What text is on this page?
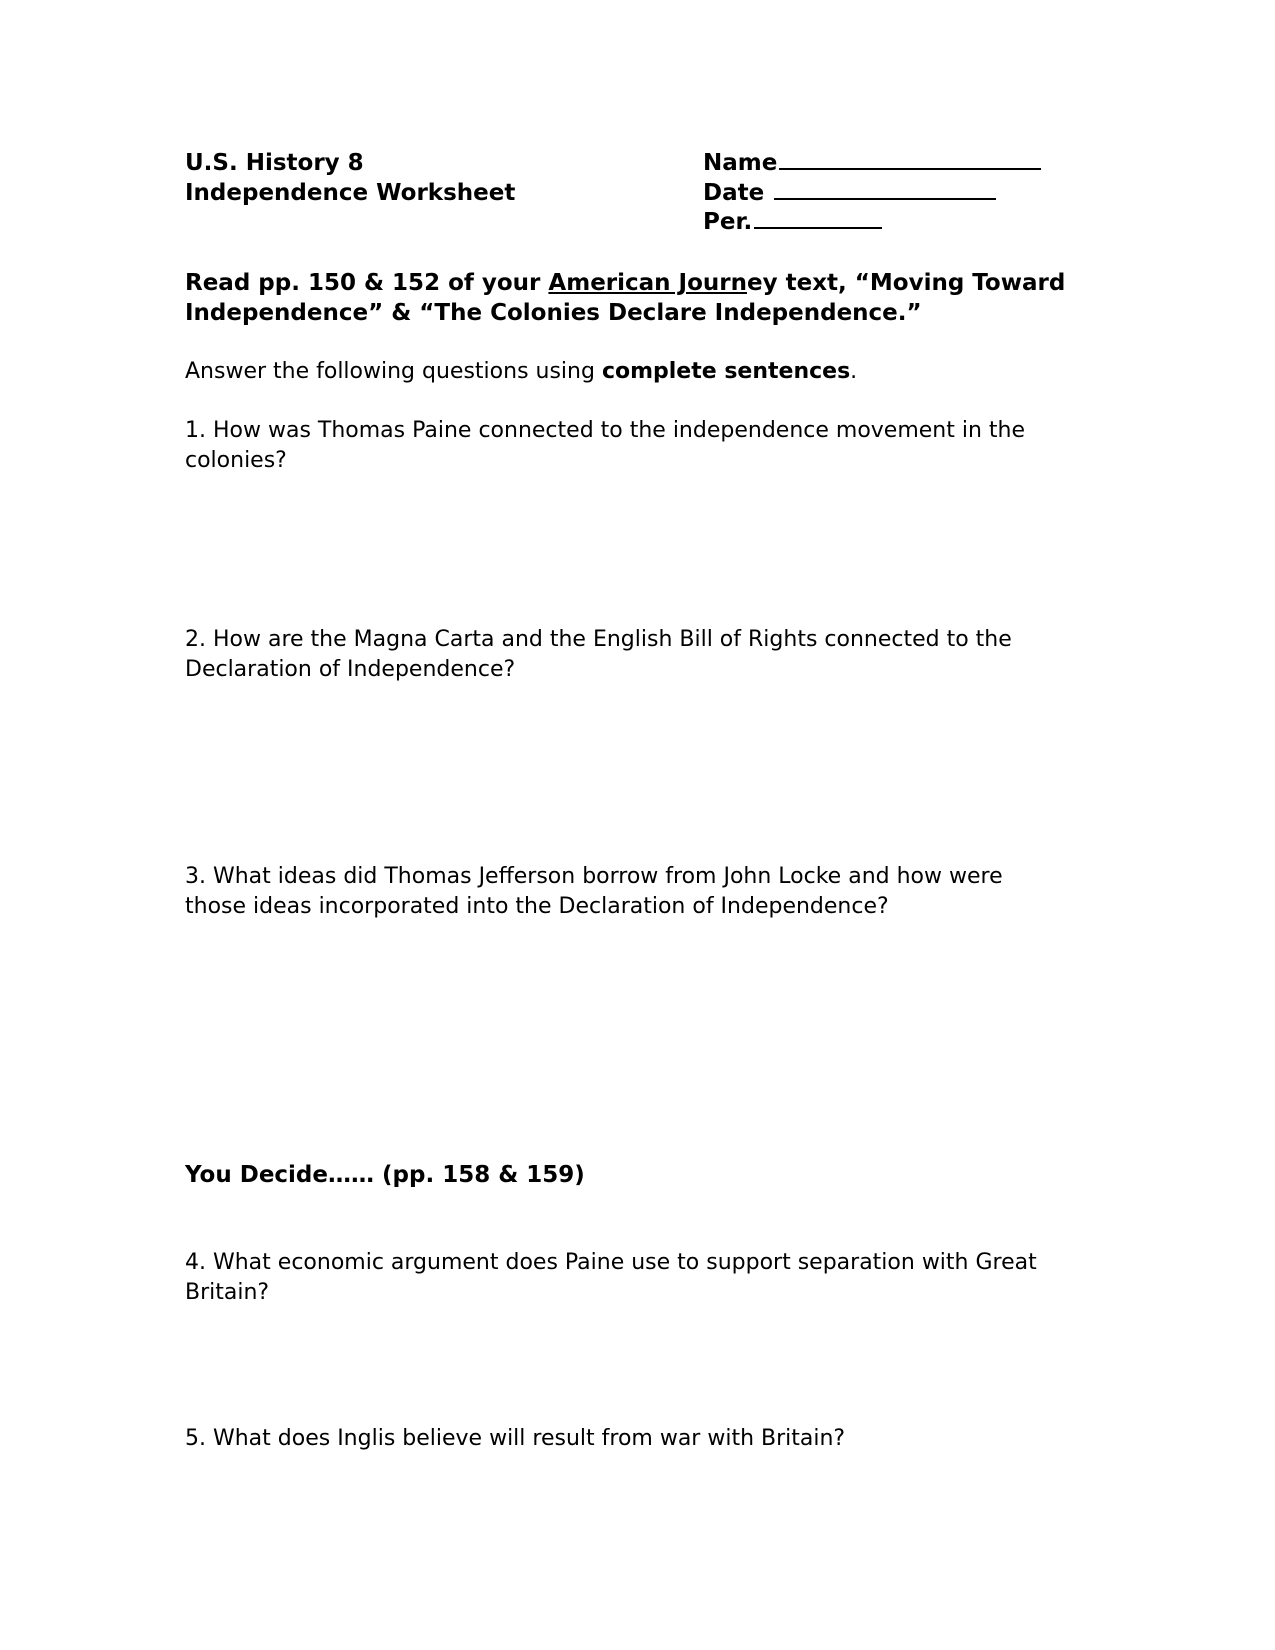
U.S. History 8
Independence Worksheet
Name
Date
Per.
Read pp. 150 & 152 of your American Journey text, “Moving Toward
Independence” & “The Colonies Declare Independence.”
Answer the following questions using complete sentences.
1. How was Thomas Paine connected to the independence movement in the
colonies?
2. How are the Magna Carta and the English Bill of Rights connected to the
Declaration of Independence?
3. What ideas did Thomas Jefferson borrow from John Locke and how were
those ideas incorporated into the Declaration of Independence?
You Decide…… (pp. 158 & 159)
4. What economic argument does Paine use to support separation with Great
Britain?
5. What does Inglis believe will result from war with Britain?
